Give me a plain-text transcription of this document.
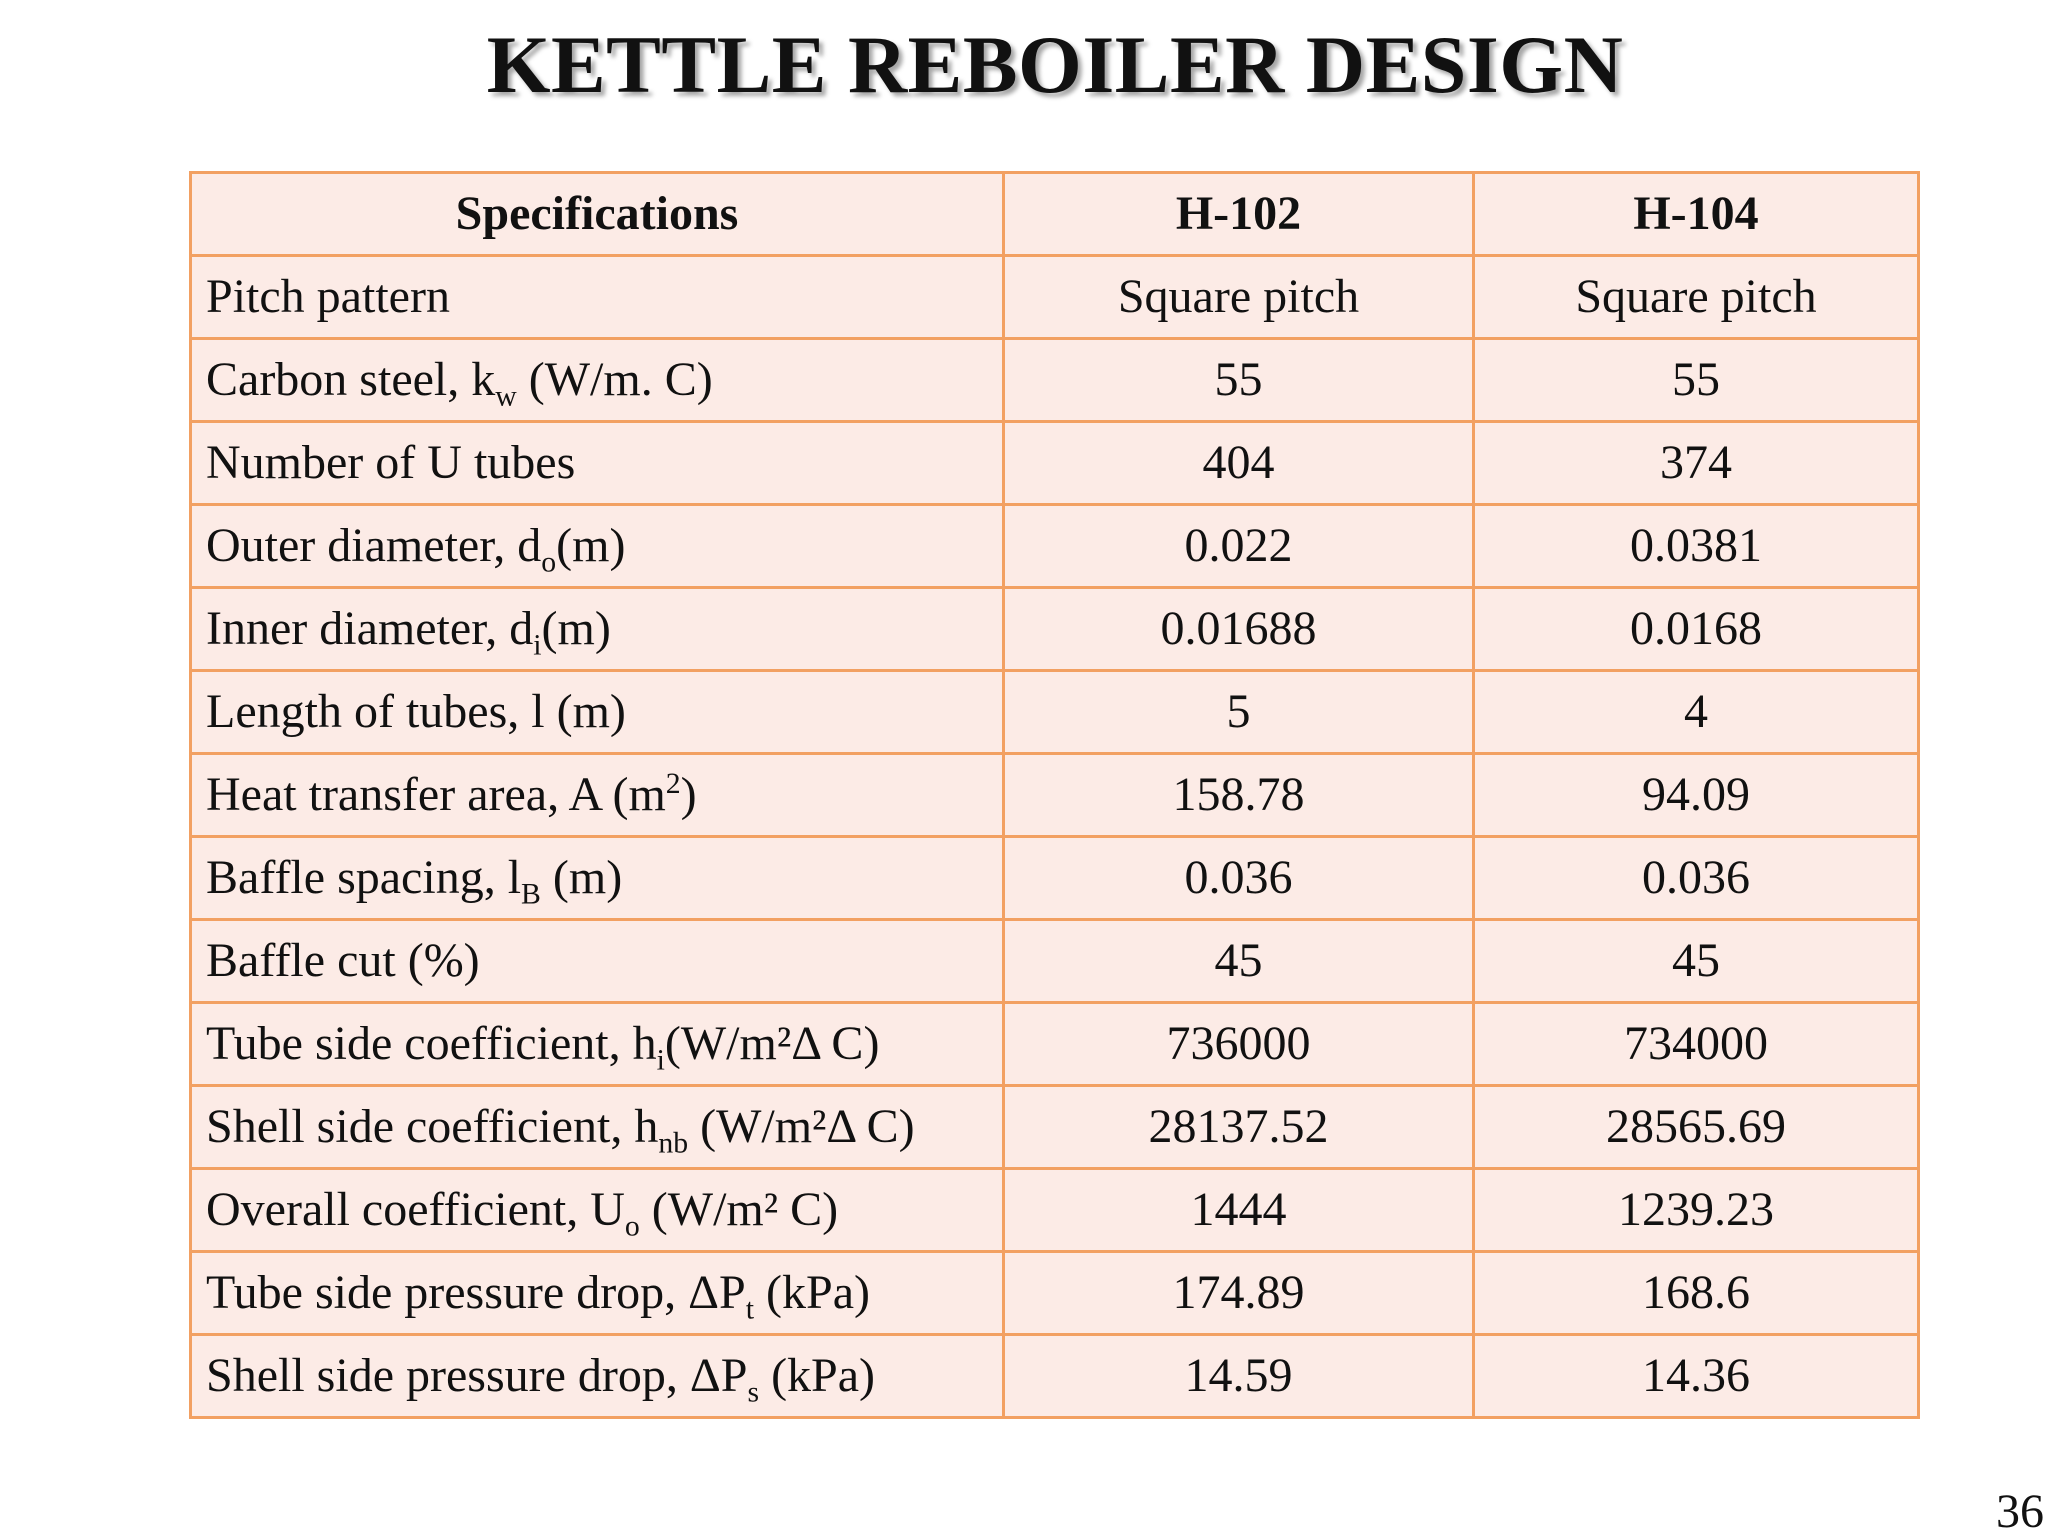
KETTLE REBOILER DESIGN
Specifications	H-102	H-104
Pitch pattern	Square pitch	Square pitch
Carbon steel, $k_w$ (W/m. C)	55	55
Number of U tubes	404	374
Outer diameter, $d_o(m)$	0.022	0.0381
Inner diameter, $d_i(m)$	0.01688	0.0168
Length of tubes, l (m)	5	4
Heat transfer area, A $(m^2)$	158.78	94.09
Baffle spacing, $l_B$ (m)	0.036	0.036
Baffle cut (%)	45	45
Tube side coefficient, $h_i(W$/m²Δ C)	736000	734000
Shell side coefficient, $h_{nb}$ (W/m²Δ C)	28137.52	28565.69
Overall coefficient, $U_o$ (W/m² C)	1444	1239.23
Tube side pressure drop, $\Delta P_t$ (kPa)	174.89	168.6
Shell side pressure drop, $\Delta P_s$ (kPa)	14.59	14.36
36
